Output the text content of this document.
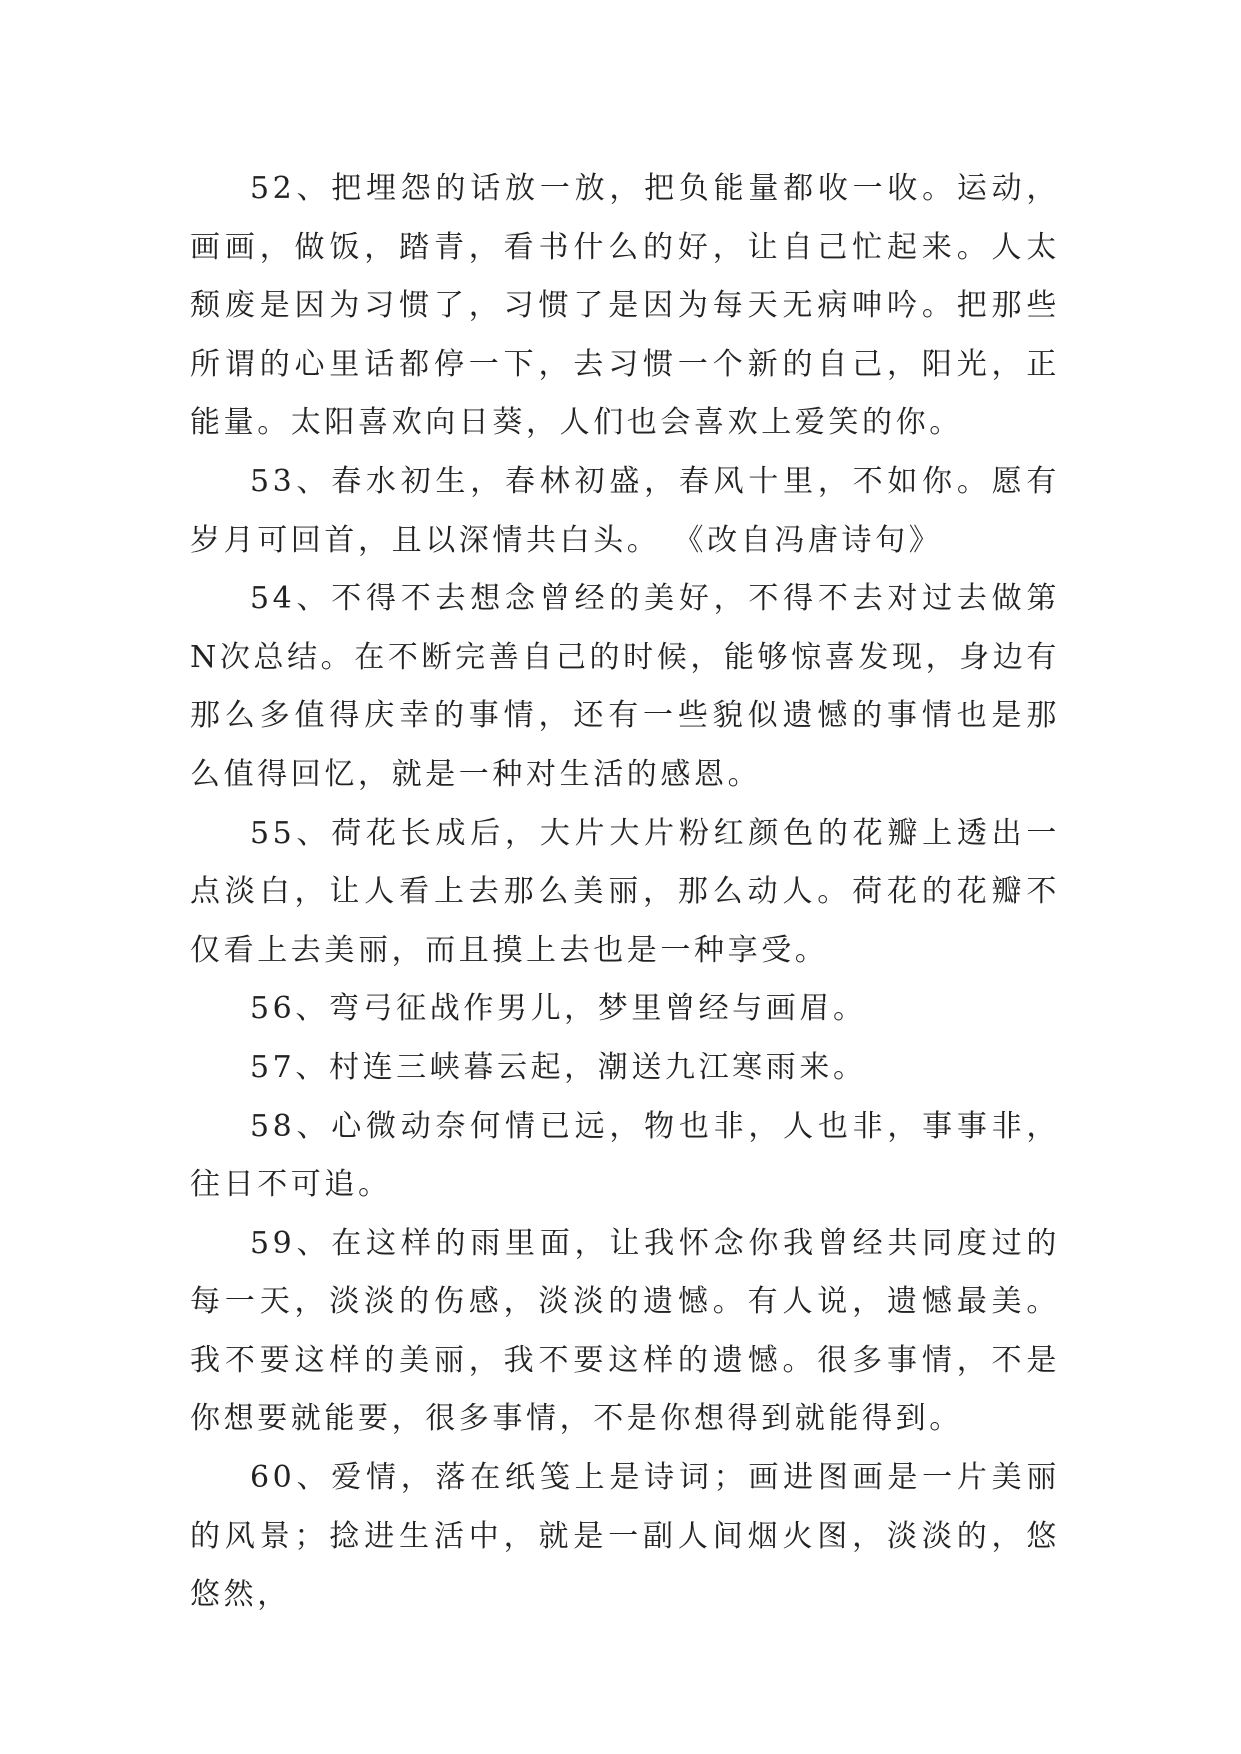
52、把埋怨的话放一放，把负能量都收一收。运动，画画，做饭，踏青，看书什么的好，让自己忙起来。人太颓废是因为习惯了，习惯了是因为每天无病呻吟。把那些所谓的心里话都停一下，去习惯一个新的自己，阳光，正能量。太阳喜欢向日葵，人们也会喜欢上爱笑的你。

53、春水初生，春林初盛，春风十里，不如你。愿有岁月可回首，且以深情共白头。 《改自冯唐诗句》

54、不得不去想念曾经的美好，不得不去对过去做第N次总结。在不断完善自己的时候，能够惊喜发现，身边有那么多值得庆幸的事情，还有一些貌似遗憾的事情也是那么值得回忆，就是一种对生活的感恩。

55、荷花长成后，大片大片粉红颜色的花瓣上透出一点淡白，让人看上去那么美丽，那么动人。荷花的花瓣不仅看上去美丽，而且摸上去也是一种享受。

56、弯弓征战作男儿，梦里曾经与画眉。

57、村连三峡暮云起，潮送九江寒雨来。

58、心微动奈何情已远，物也非，人也非，事事非，往日不可追。

59、在这样的雨里面，让我怀念你我曾经共同度过的每一天，淡淡的伤感，淡淡的遗憾。有人说，遗憾最美。我不要这样的美丽，我不要这样的遗憾。很多事情，不是你想要就能要，很多事情，不是你想得到就能得到。

60、爱情，落在纸笺上是诗词；画进图画是一片美丽的风景；捻进生活中，就是一副人间烟火图，淡淡的，悠悠然，
